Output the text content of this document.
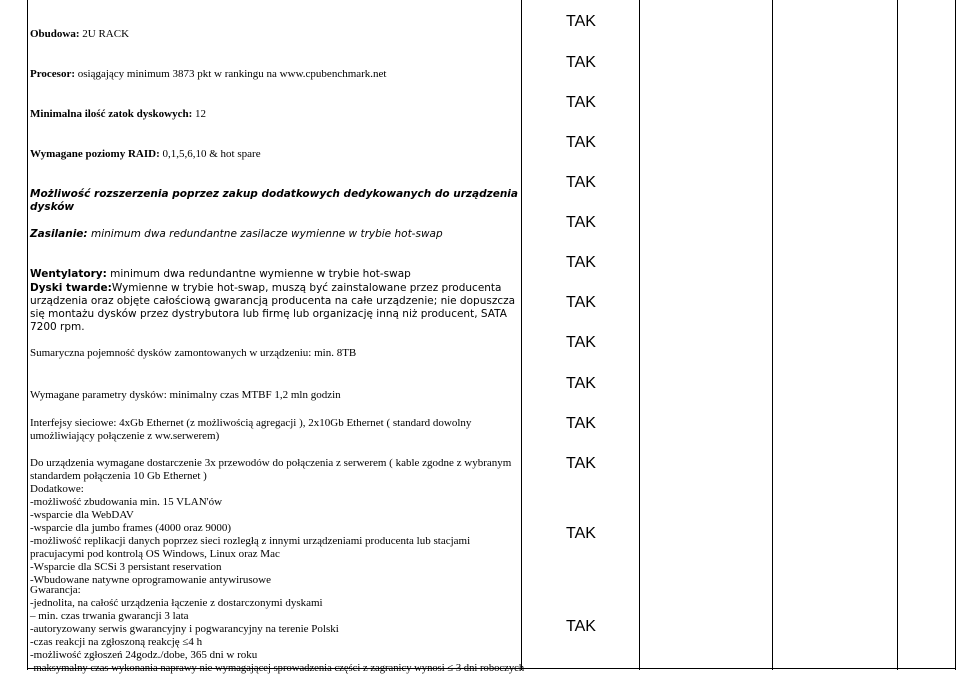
Obudowa: 2U RACK
Procesor: osiągający minimum 3873 pkt w rankingu na www.cpubenchmark.net
Minimalna ilość zatok dyskowych: 12
Wymagane poziomy RAID: 0,1,5,6,10 & hot spare
Możliwość rozszerzenia poprzez zakup dodatkowych dedykowanych do urządzenia dysków
Zasilanie: minimum dwa redundantne zasilacze wymienne w trybie hot-swap
Wentylatory: minimum dwa redundantne wymienne w trybie hot-swap
Dyski twarde:Wymienne w trybie hot-swap, muszą być zainstalowane przez producenta urządzenia oraz objęte całościową gwarancją producenta na całe urządzenie; nie dopuszcza się montażu dysków przez dystrybutora lub firmę lub organizację inną niż producent, SATA 7200 rpm.
Sumaryczna pojemność dysków zamontowanych w urządzeniu: min. 8TB
Wymagane parametry dysków: minimalny czas MTBF 1,2 mln godzin
Interfejsy sieciowe: 4xGb Ethernet (z możliwością agregacji ), 2x10Gb Ethernet ( standard dowolny umożliwiający połączenie z ww.serwerem)
Do urządzenia wymagane dostarczenie 3x przewodów do połączenia z serwerem ( kable zgodne z wybranym standardem połączenia 10 Gb Ethernet )
Dodatkowe:
-możliwość zbudowania min. 15 VLAN'ów
-wsparcie dla WebDAV
-wsparcie dla jumbo frames (4000 oraz 9000)
-możliwość replikacji danych poprzez sieci rozległą z innymi urządzeniami producenta lub stacjami pracujacymi pod kontrolą OS Windows, Linux oraz Mac
-Wsparcie dla SCSi 3 persistant reservation
-Wbudowane natywne oprogramowanie antywirusowe
Gwarancja:
-jednolita, na całość urządzenia łączenie z dostarczonymi dyskami
– min. czas trwania gwarancji 3 lata
-autoryzowany serwis gwarancyjny i pogwarancyjny na terenie Polski
-czas reakcji na zgłoszoną reakcję ≤4 h
-możliwość zgłoszeń 24godz./dobe, 365 dni w roku
-maksymalny czas wykonania naprawy nie wymagającej sprowadzenia części z zagranicy wynosi ≤ 3 dni roboczych
TAK
TAK
TAK
TAK
TAK
TAK
TAK
TAK
TAK
TAK
TAK
TAK
TAK
TAK
